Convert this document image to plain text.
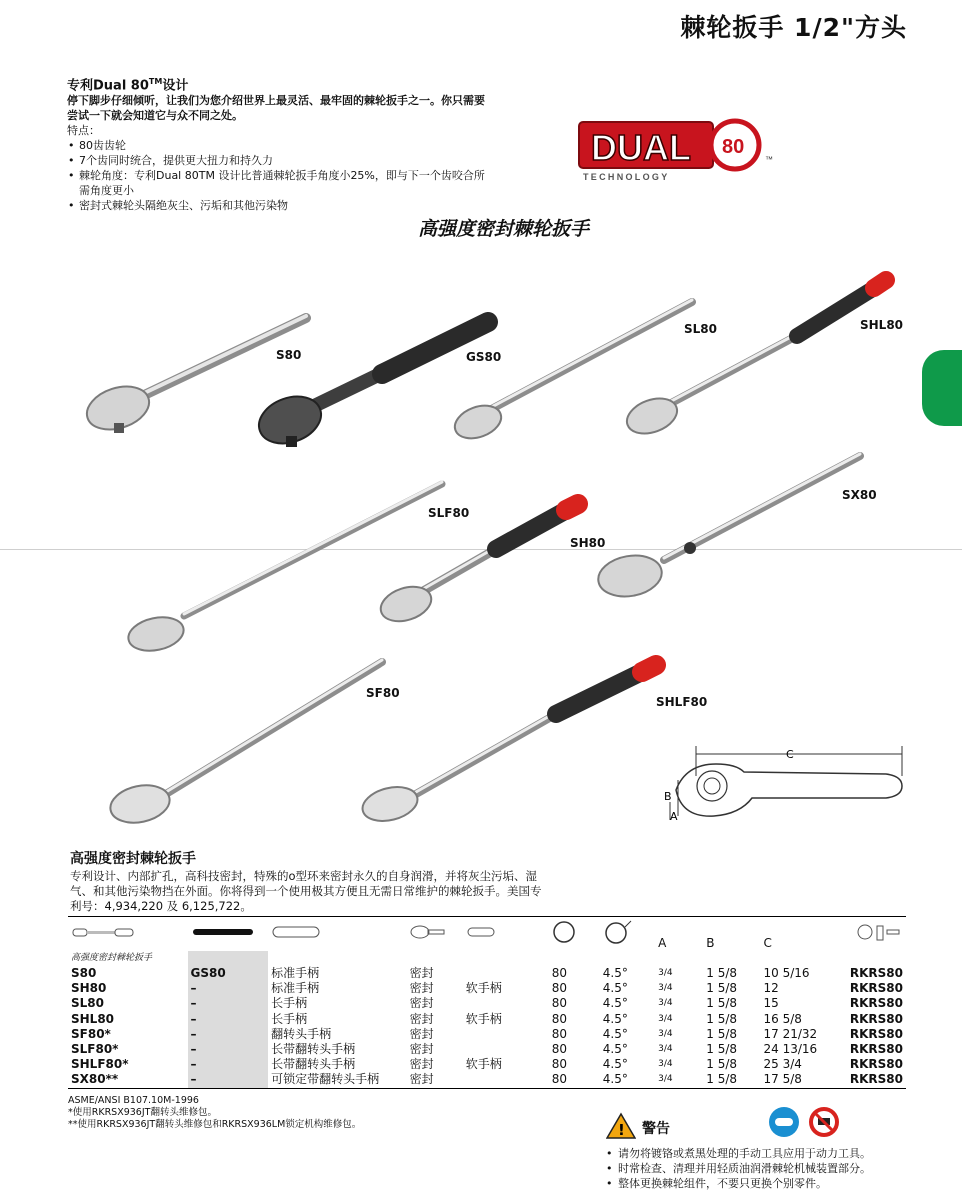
棘轮扳手 1/2"方头
专利Dual 80™设计
停下脚步仔细倾听，让我们为您介绍世界上最灵活、最牢固的棘轮扳手之一。你只需要尝试一下就会知道它与众不同之处。
特点：
• 80齿齿轮
• 7个齿同时统合，提供更大扭力和持久力
• 棘轮角度：专利Dual 80TM 设计比普通棘轮扳手角度小25%，即与下一个齿咬合所需角度更小
• 密封式棘轮头隔绝灰尘、污垢和其他污染物
DUAL 80
™
TECHNOLOGY
高强度密封棘轮扳手
S80	GS80
SL80	SHL80
SLF80
SH80
SX80
SF80
SHLF80
C
B
A
高强度密封棘轮扳手
专利设计、内部扩孔，高科技密封，特殊的o型环来密封永久的自身润滑，并将灰尘污垢、湿气、和其他污染物挡在外面。你将得到一个使用极其方便且无需日常维护的棘轮扳手。美国专利号：4,934,220 及 6,125,722。
							A	B	C	
高强度密封棘轮扳手										
S80	GS80	标准手柄	密封		80	4.5°	3/4	1 5/8	10 5/16	RKRS80
SH80	–	标准手柄	密封	软手柄	80	4.5°	3/4	1 5/8	12	RKRS80
SL80	–	长手柄	密封		80	4.5°	3/4	1 5/8	15	RKRS80
SHL80	–	长手柄	密封	软手柄	80	4.5°	3/4	1 5/8	16 5/8	RKRS80
SF80*	–	翻转头手柄	密封		80	4.5°	3/4	1 5/8	17 21/32	RKRS80
SLF80*	–	长带翻转头手柄	密封		80	4.5°	3/4	1 5/8	24 13/16	RKRS80
SHLF80*	–	长带翻转头手柄	密封	软手柄	80	4.5°	3/4	1 5/8	25 3/4	RKRS80
SX80**	–	可锁定带翻转头手柄	密封		80	4.5°	3/4	1 5/8	17 5/8	RKRS80
ASME/ANSI B107.10M-1996
*使用RKRSX936JT翻转头维修包。
**使用RKRSX936JT翻转头维修包和RKRSX936LM锁定机构维修包。	! 警告
• 请勿将镀铬或煮黑处理的手动工具应用于动力工具。
• 时常检查、清理并用轻质油润滑棘轮机械装置部分。
• 整体更换棘轮组件，不要只更换个别零件。
